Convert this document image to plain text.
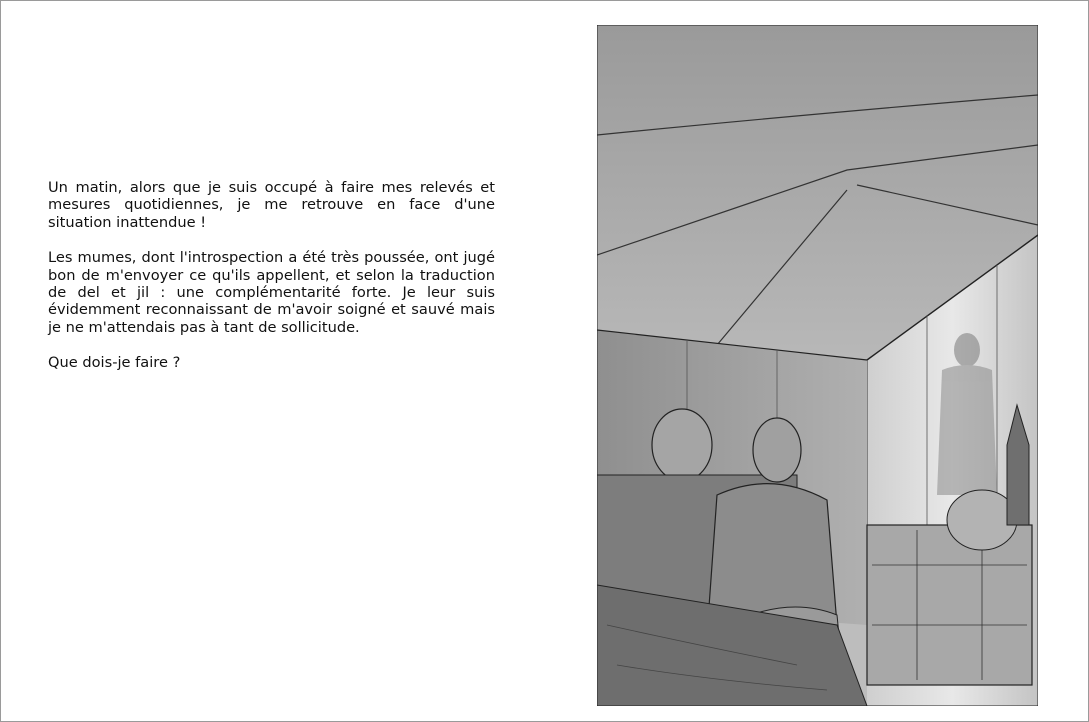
Un matin, alors que je suis occupé à faire mes relevés et mesures quotidiennes, je me retrouve en face d'une situation inattendue !

Les mumes, dont l'introspection a été très poussée, ont jugé bon de m'envoyer ce qu'ils appellent, et selon la traduction de del et jil : une complémentarité forte. Je leur suis évidemment reconnaissant de m'avoir soigné et sauvé mais je ne m'attendais pas à tant de sollicitude.

Que dois-je faire ?
